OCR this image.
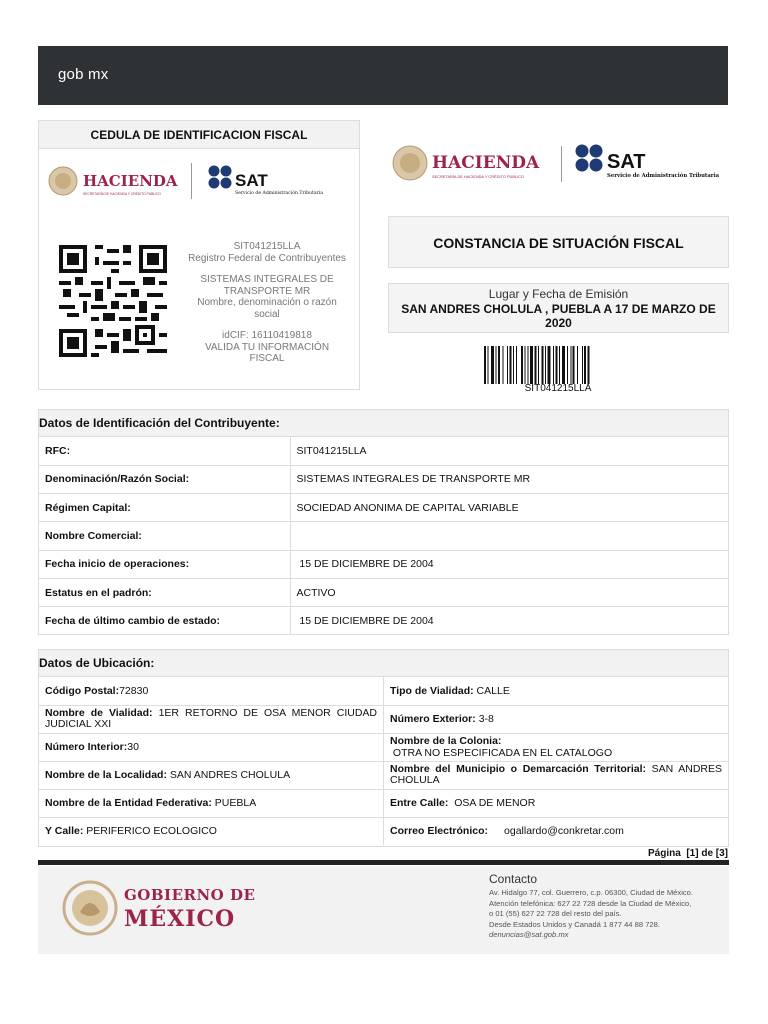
gob mx
CEDULA DE IDENTIFICACION FISCAL
HACIENDA
SECRETARÍA DE HACIENDA Y CRÉDITO PÚBLICO
SAT
Servicio de Administración Tributaria
SIT041215LLA
Registro Federal de Contribuyentes
SISTEMAS INTEGRALES DE
TRANSPORTE MR
Nombre, denominación o razón
social
idCIF: 16110419818
VALIDA TU INFORMACIÓN
FISCAL
HACIENDA
SECRETARÍA DE HACIENDA Y CRÉDITO PÚBLICO
SAT
Servicio de Administración Tributaria
CONSTANCIA DE SITUACIÓN FISCAL
Lugar y Fecha de Emisión
SAN ANDRES CHOLULA , PUEBLA A 17 DE MARZO DE 2020
SIT041215LLA
Datos de Identificación del Contribuyente:
RFC:	SIT041215LLA
Denominación/Razón Social:	SISTEMAS INTEGRALES DE TRANSPORTE MR
Régimen Capital:	SOCIEDAD ANONIMA DE CAPITAL VARIABLE
Nombre Comercial:	
Fecha inicio de operaciones:	15 DE DICIEMBRE DE 2004
Estatus en el padrón:	ACTIVO
Fecha de último cambio de estado:	15 DE DICIEMBRE DE 2004
Datos de Ubicación:
Código Postal:72830	Tipo de Vialidad: CALLE
Nombre de Vialidad: 1ER RETORNO DE OSA MENOR CIUDAD JUDICIAL XXI	Número Exterior: 3-8
Número Interior:30	Nombre de la Colonia: OTRA NO ESPECIFICADA EN EL CATALOGO
Nombre de la Localidad: SAN ANDRES CHOLULA	Nombre del Municipio o Demarcación Territorial: SAN ANDRES CHOLULA
Nombre de la Entidad Federativa: PUEBLA	Entre Calle:  OSA DE MENOR
Y Calle: PERIFERICO ECOLOGICO	Correo Electrónico: ogallardo@conkretar.com
Página  [1] de [3]
GOBIERNO DE
MÉXICO
Contacto
Av. Hidalgo 77, col. Guerrero, c.p. 06300, Ciudad de México.
Atención telefónica: 627 22 728 desde la Ciudad de México,
o 01 (55) 627 22 728 del resto del país.
Desde Estados Unidos y Canadá 1 877 44 88 728.
denuncias@sat.gob.mx
